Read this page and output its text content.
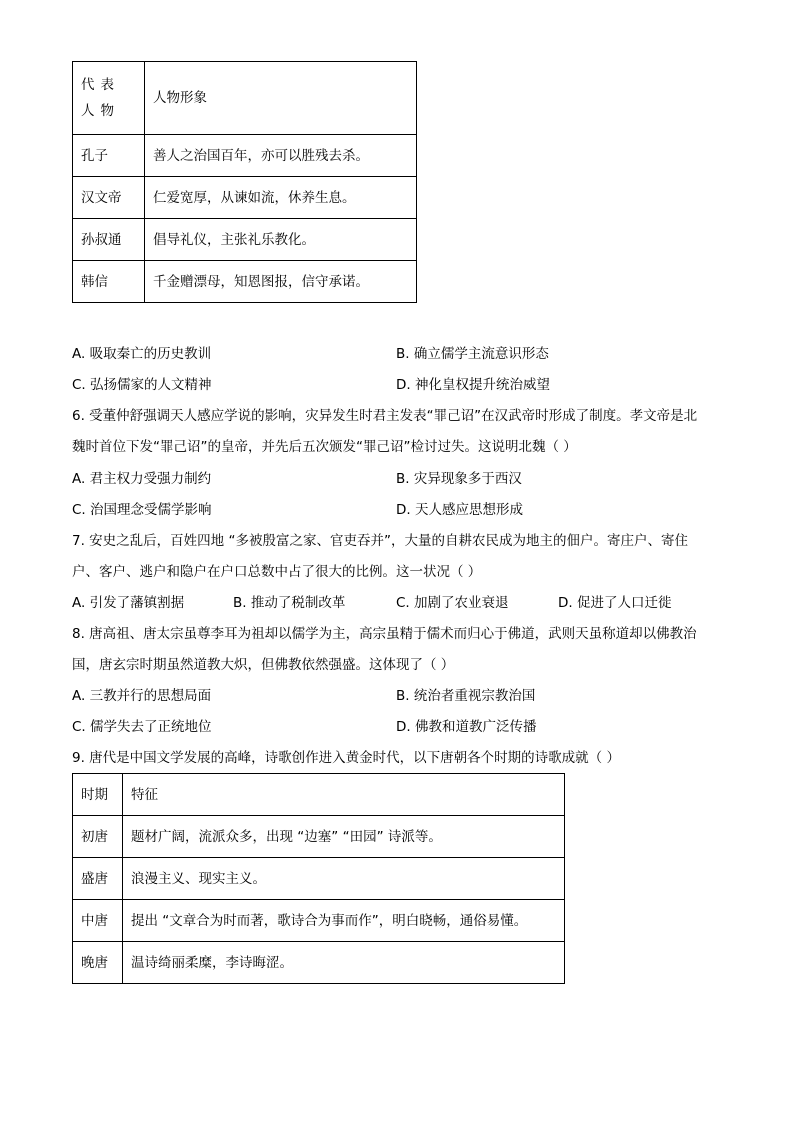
代表人物	人物形象
孔子	善人之治国百年，亦可以胜残去杀。
汉文帝	仁爱宽厚，从谏如流，休养生息。
孙叔通	倡导礼仪，主张礼乐教化。
韩信	千金赠漂母，知恩图报，信守承诺。
A. 吸取秦亡的历史教训	B. 确立儒学主流意识形态
C. 弘扬儒家的人文精神	D. 神化皇权提升统治威望
6. 受董仲舒强调天人感应学说的影响，灾异发生时君主发表“罪己诏”在汉武帝时形成了制度。孝文帝是北
魏时首位下发“罪己诏”的皇帝，并先后五次颁发“罪己诏”检讨过失。这说明北魏（ ）
A. 君主权力受强力制约	B. 灾异现象多于西汉
C. 治国理念受儒学影响	D. 天人感应思想形成
7. 安史之乱后，百姓四地 “多被殷富之家、官吏吞并”，大量的自耕农民成为地主的佃户。寄庄户、寄住
户、客户、逃户和隐户在户口总数中占了很大的比例。这一状况（ ）
A. 引发了藩镇割据	B. 推动了税制改革	C. 加剧了农业衰退	D. 促进了人口迁徙
8. 唐高祖、唐太宗虽尊李耳为祖却以儒学为主，高宗虽精于儒术而归心于佛道，武则天虽称道却以佛教治
国，唐玄宗时期虽然道教大炽，但佛教依然强盛。这体现了（ ）
A. 三教并行的思想局面	B. 统治者重视宗教治国
C. 儒学失去了正统地位	D. 佛教和道教广泛传播
9. 唐代是中国文学发展的高峰，诗歌创作进入黄金时代，以下唐朝各个时期的诗歌成就（ ）
时期	特征
初唐	题材广阔，流派众多，出现 “边塞” “田园” 诗派等。
盛唐	浪漫主义、现实主义。
中唐	提出 “文章合为时而著，歌诗合为事而作”，明白晓畅，通俗易懂。
晚唐	温诗绮丽柔糜，李诗晦涩。
